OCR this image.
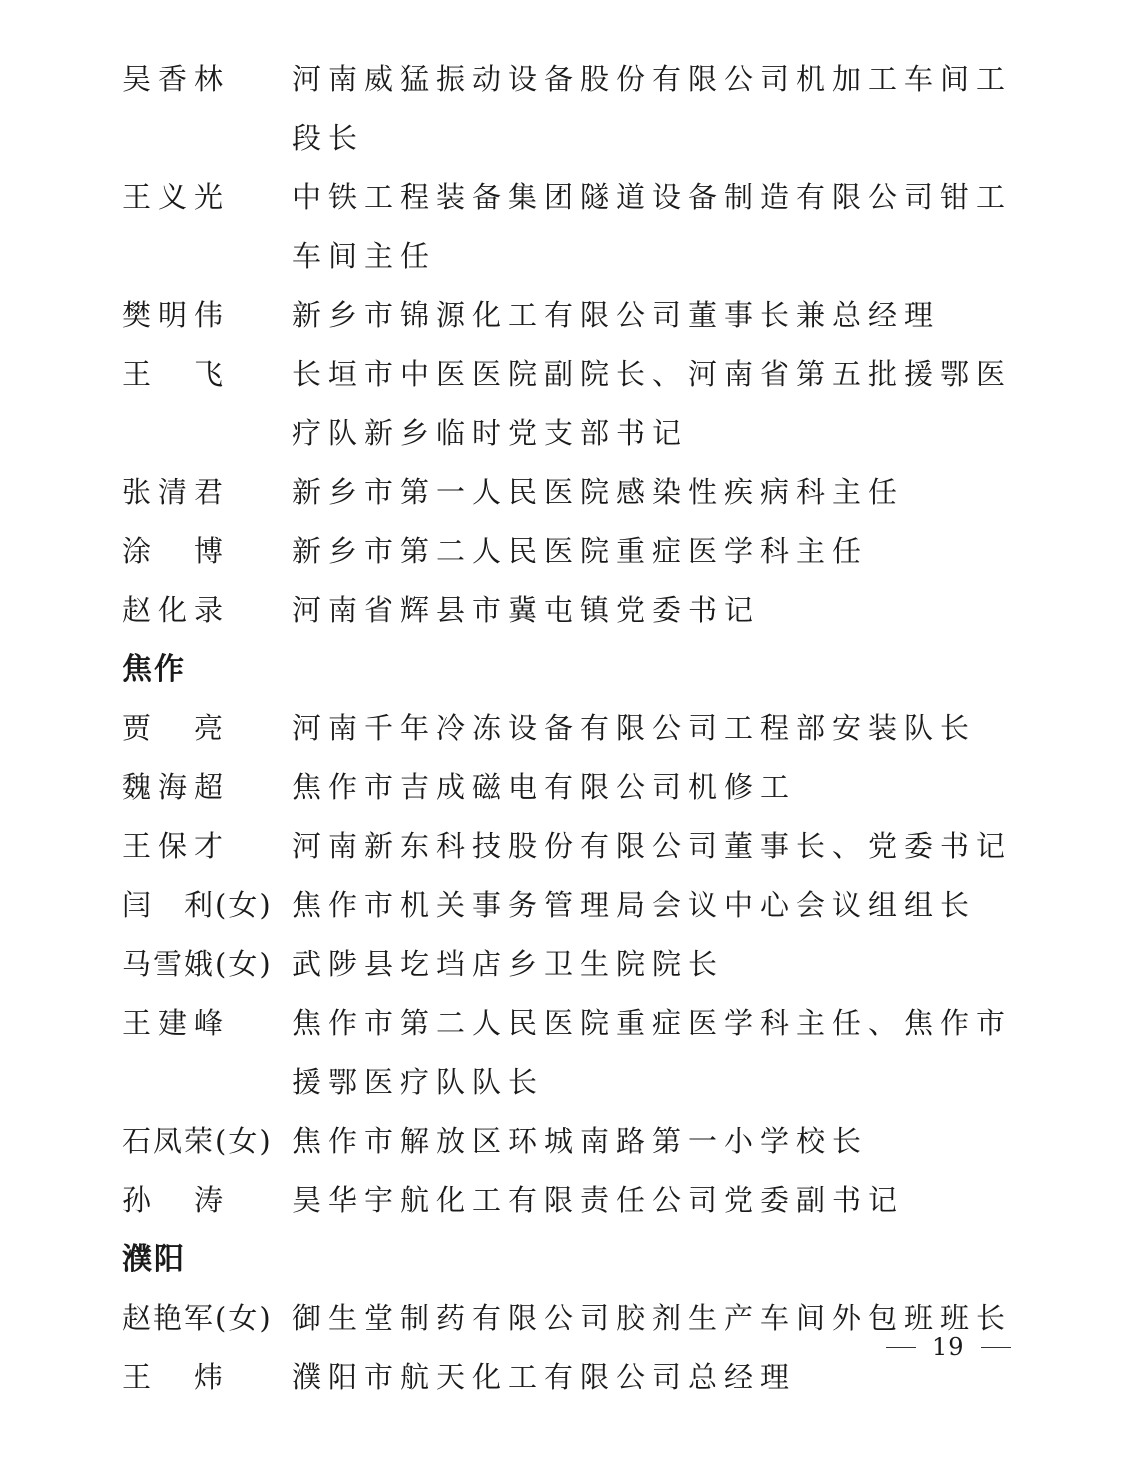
吴香林	河南威猛振动设备股份有限公司机加工车间工段长
王义光	中铁工程装备集团隧道设备制造有限公司钳工车间主任
樊明伟	新乡市锦源化工有限公司董事长兼总经理
王　飞	长垣市中医医院副院长、河南省第五批援鄂医疗队新乡临时党支部书记
张清君	新乡市第一人民医院感染性疾病科主任
涂　博	新乡市第二人民医院重症医学科主任
赵化录	河南省辉县市冀屯镇党委书记
焦作
贾　亮	河南千年冷冻设备有限公司工程部安装队长
魏海超	焦作市吉成磁电有限公司机修工
王保才	河南新东科技股份有限公司董事长、党委书记
闫　利(女) 焦作市机关事务管理局会议中心会议组组长
马雪娥(女) 武陟县圪垱店乡卫生院院长
王建峰	焦作市第二人民医院重症医学科主任、焦作市援鄂医疗队队长
石凤荣(女) 焦作市解放区环城南路第一小学校长
孙　涛	昊华宇航化工有限责任公司党委副书记
濮阳
赵艳军(女) 御生堂制药有限公司胶剂生产车间外包班班长
王　炜	濮阳市航天化工有限公司总经理
19
